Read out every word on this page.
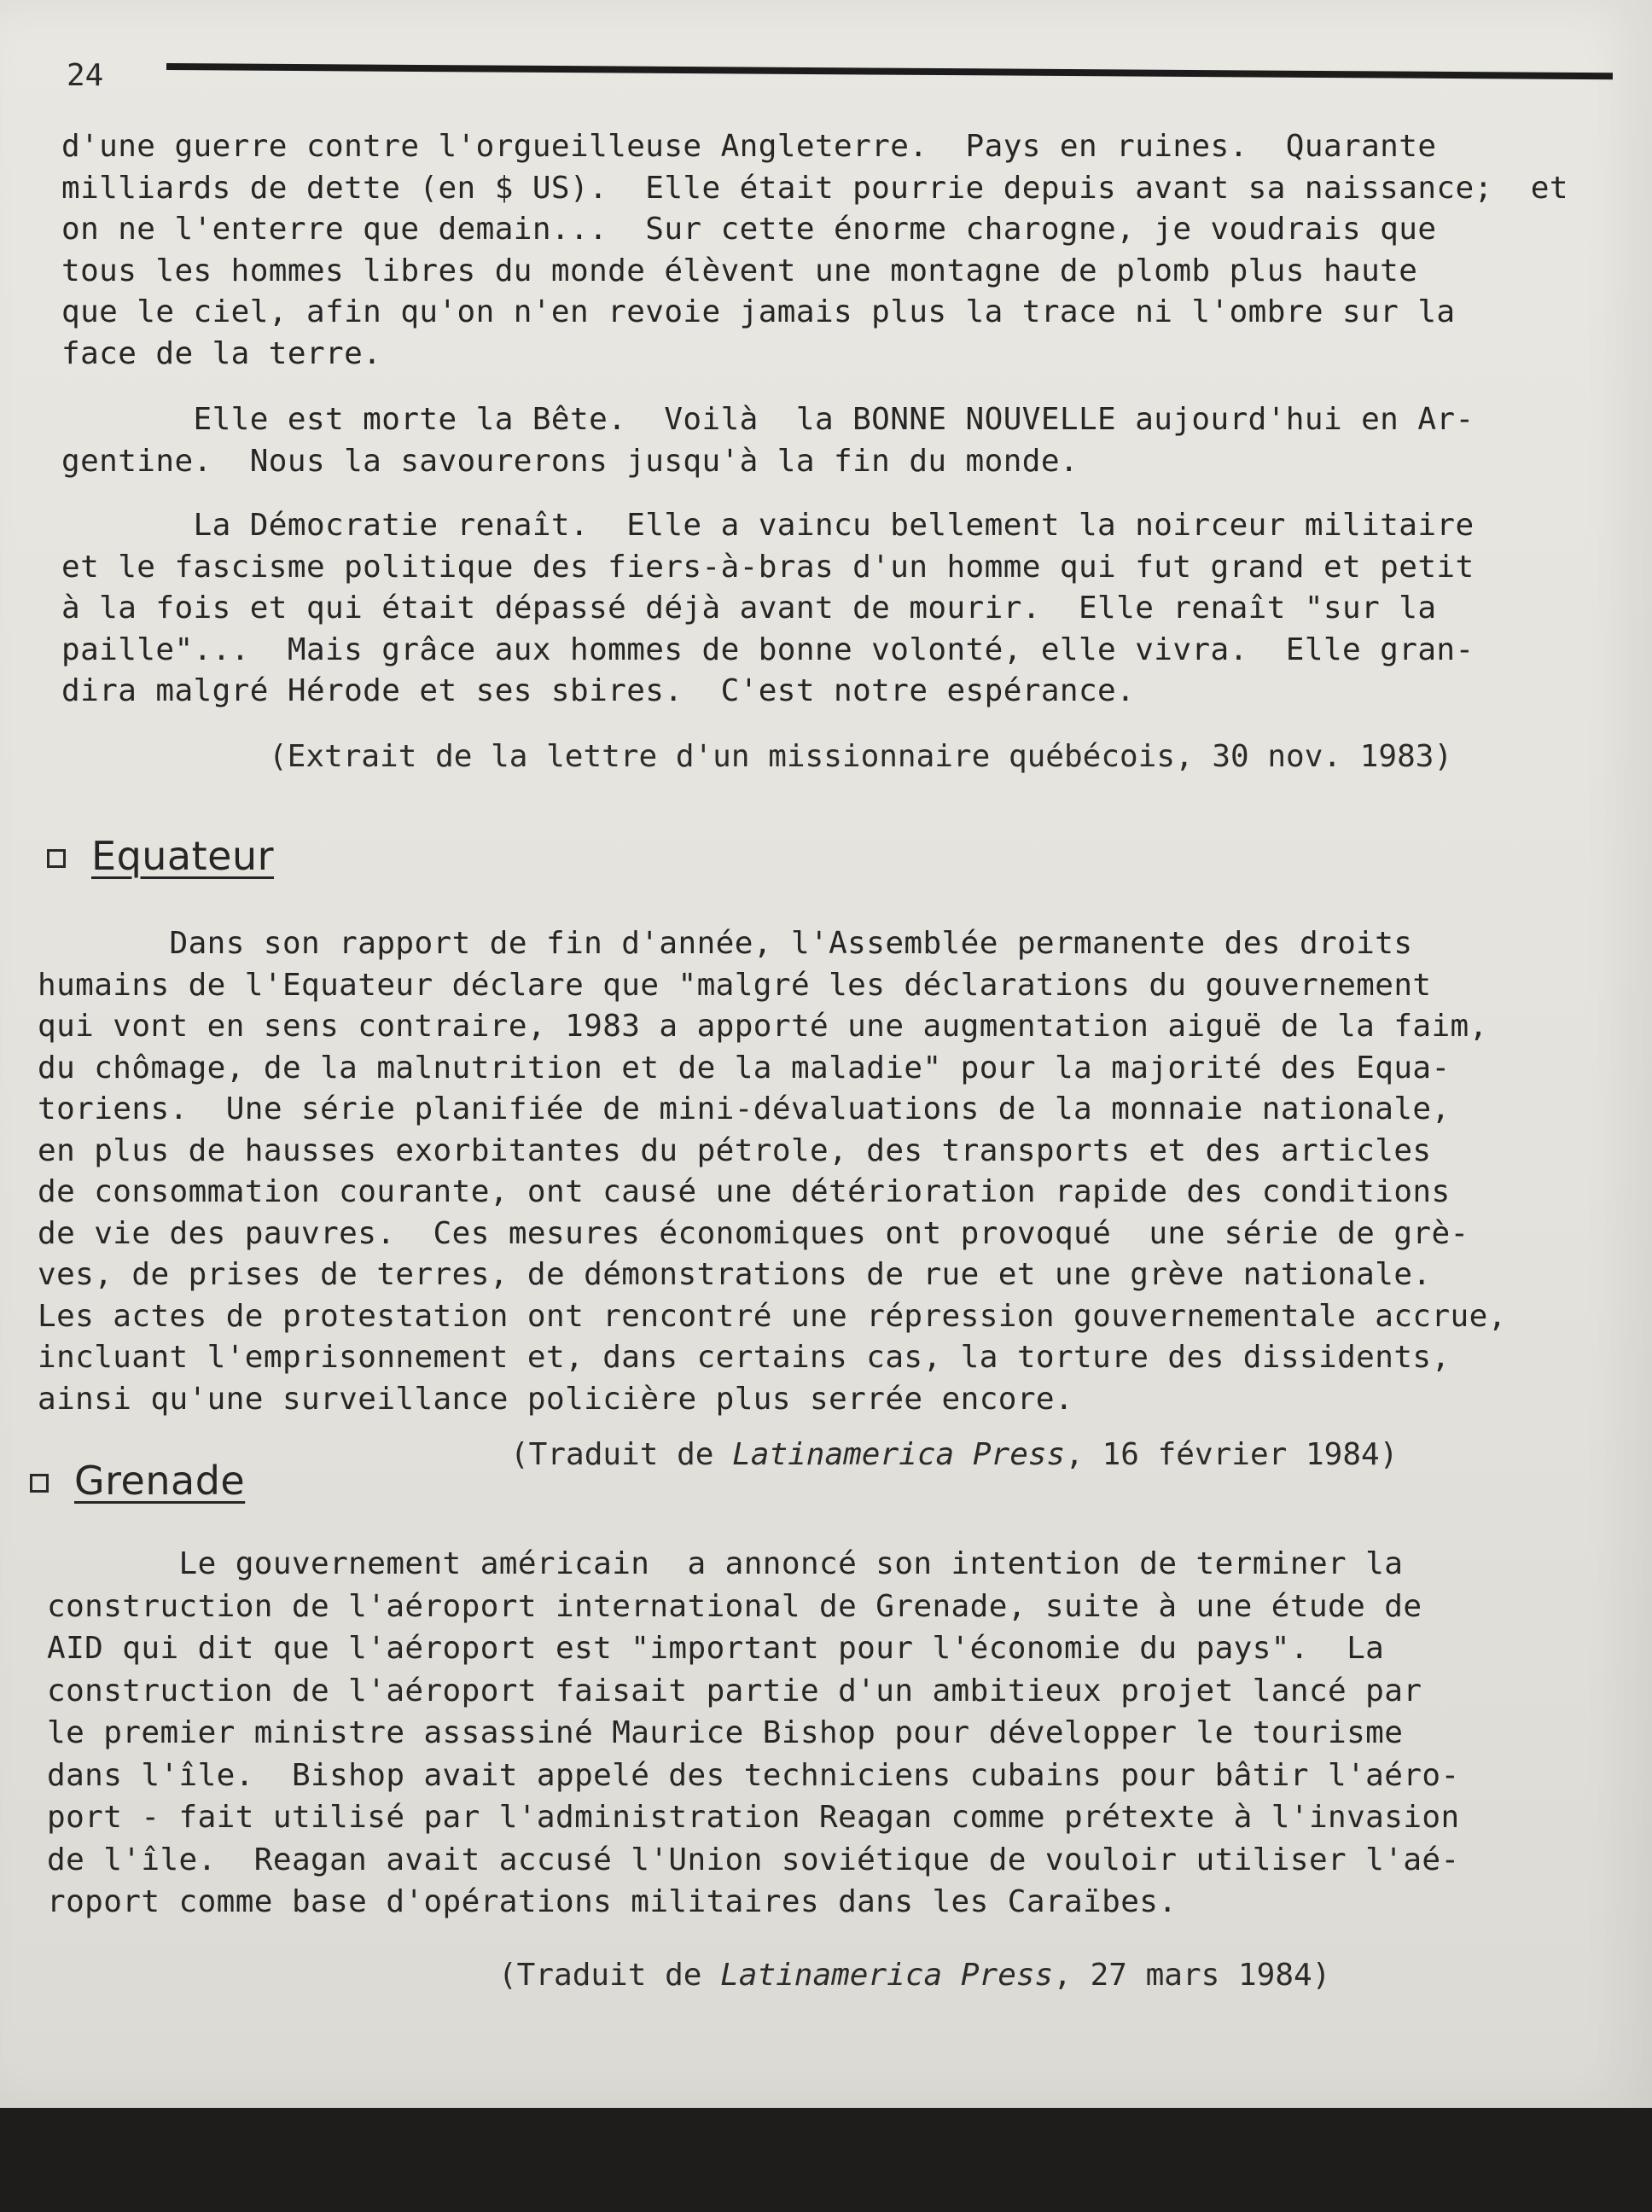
24

d'une guerre contre l'orgueilleuse Angleterre.  Pays en ruines.  Quarante
milliards de dette (en $ US).  Elle était pourrie depuis avant sa naissance;  et
on ne l'enterre que demain...  Sur cette énorme charogne, je voudrais que
tous les hommes libres du monde élèvent une montagne de plomb plus haute
que le ciel, afin qu'on n'en revoie jamais plus la trace ni l'ombre sur la
face de la terre.
Elle est morte la Bête.  Voilà  la BONNE NOUVELLE aujourd'hui en Ar-
gentine.  Nous la savourerons jusqu'à la fin du monde.
La Démocratie renaît.  Elle a vaincu bellement la noirceur militaire
et le fascisme politique des fiers-à-bras d'un homme qui fut grand et petit
à la fois et qui était dépassé déjà avant de mourir.  Elle renaît "sur la
paille"...  Mais grâce aux hommes de bonne volonté, elle vivra.  Elle gran-
dira malgré Hérode et ses sbires.  C'est notre espérance.

(Extrait de la lettre d'un missionnaire québécois, 30 nov. 1983)

Equateur
Dans son rapport de fin d'année, l'Assemblée permanente des droits
humains de l'Equateur déclare que "malgré les déclarations du gouvernement
qui vont en sens contraire, 1983 a apporté une augmentation aiguë de la faim,
du chômage, de la malnutrition et de la maladie" pour la majorité des Equa-
toriens.  Une série planifiée de mini-dévaluations de la monnaie nationale,
en plus de hausses exorbitantes du pétrole, des transports et des articles
de consommation courante, ont causé une détérioration rapide des conditions
de vie des pauvres.  Ces mesures économiques ont provoqué  une série de grè-
ves, de prises de terres, de démonstrations de rue et une grève nationale.
Les actes de protestation ont rencontré une répression gouvernementale accrue,
incluant l'emprisonnement et, dans certains cas, la torture des dissidents,
ainsi qu'une surveillance policière plus serrée encore.

(Traduit de Latinamerica Press, 16 février 1984)

Grenade
Le gouvernement américain  a annoncé son intention de terminer la
construction de l'aéroport international de Grenade, suite à une étude de
AID qui dit que l'aéroport est "important pour l'économie du pays".  La
construction de l'aéroport faisait partie d'un ambitieux projet lancé par
le premier ministre assassiné Maurice Bishop pour développer le tourisme
dans l'île.  Bishop avait appelé des techniciens cubains pour bâtir l'aéro-
port - fait utilisé par l'administration Reagan comme prétexte à l'invasion
de l'île.  Reagan avait accusé l'Union soviétique de vouloir utiliser l'aé-
roport comme base d'opérations militaires dans les Caraïbes.

(Traduit de Latinamerica Press, 27 mars 1984)
